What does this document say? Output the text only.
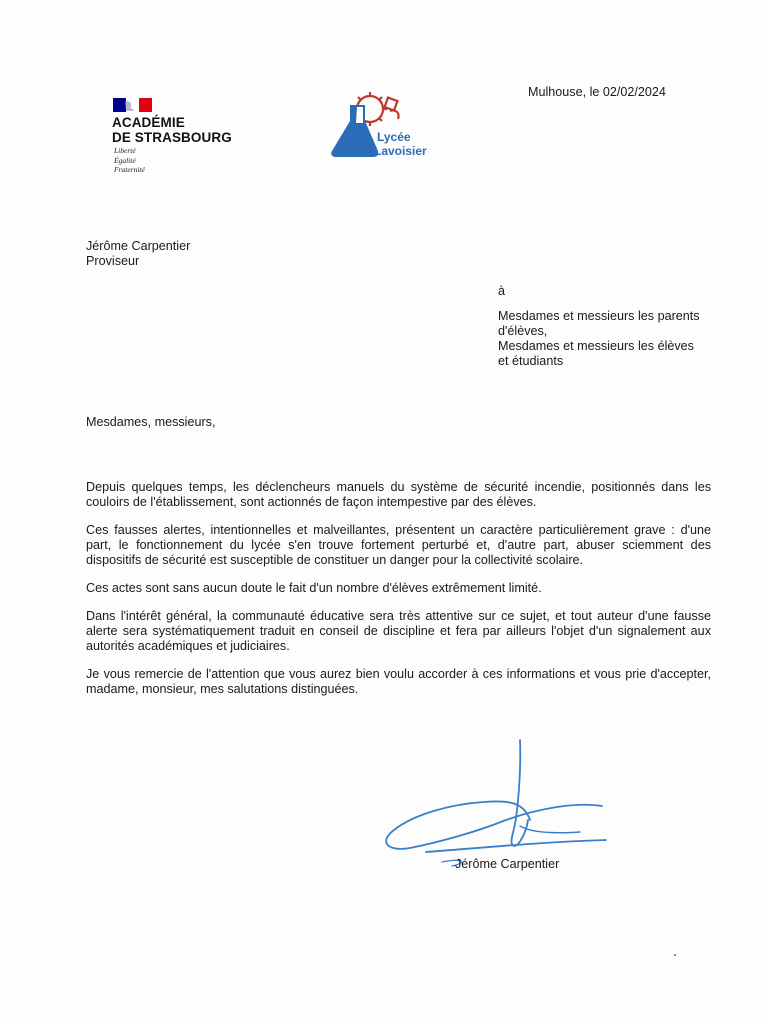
ACADÉMIE
DE STRASBOURG
Liberté
Égalité
Fraternité
Lycée
Lavoisier
Mulhouse, le 02/02/2024
Jérôme Carpentier
Proviseur
à
Mesdames et messieurs les parents
d'élèves,
Mesdames et messieurs les élèves
et étudiants
Mesdames, messieurs,

Depuis quelques temps, les déclencheurs manuels du système de sécurité incendie, positionnés dans les couloirs de l'établissement, sont actionnés de façon intempestive par des élèves.

Ces fausses alertes, intentionnelles et malveillantes, présentent un caractère particulièrement grave : d'une part, le fonctionnement du lycée s'en trouve fortement perturbé et, d'autre part, abuser sciemment des dispositifs de sécurité est susceptible de constituer un danger pour la collectivité scolaire.

Ces actes sont sans aucun doute le fait d'un nombre d'élèves extrêmement limité.

Dans l'intérêt général, la communauté éducative sera très attentive sur ce sujet, et tout auteur d'une fausse alerte sera systématiquement traduit en conseil de discipline et fera par ailleurs l'objet d'un signalement aux autorités académiques et judiciaires.

Je vous remercie de l'attention que vous aurez bien voulu accorder à ces informations et vous prie d'accepter, madame, monsieur, mes salutations distinguées.

Jérôme Carpentier
